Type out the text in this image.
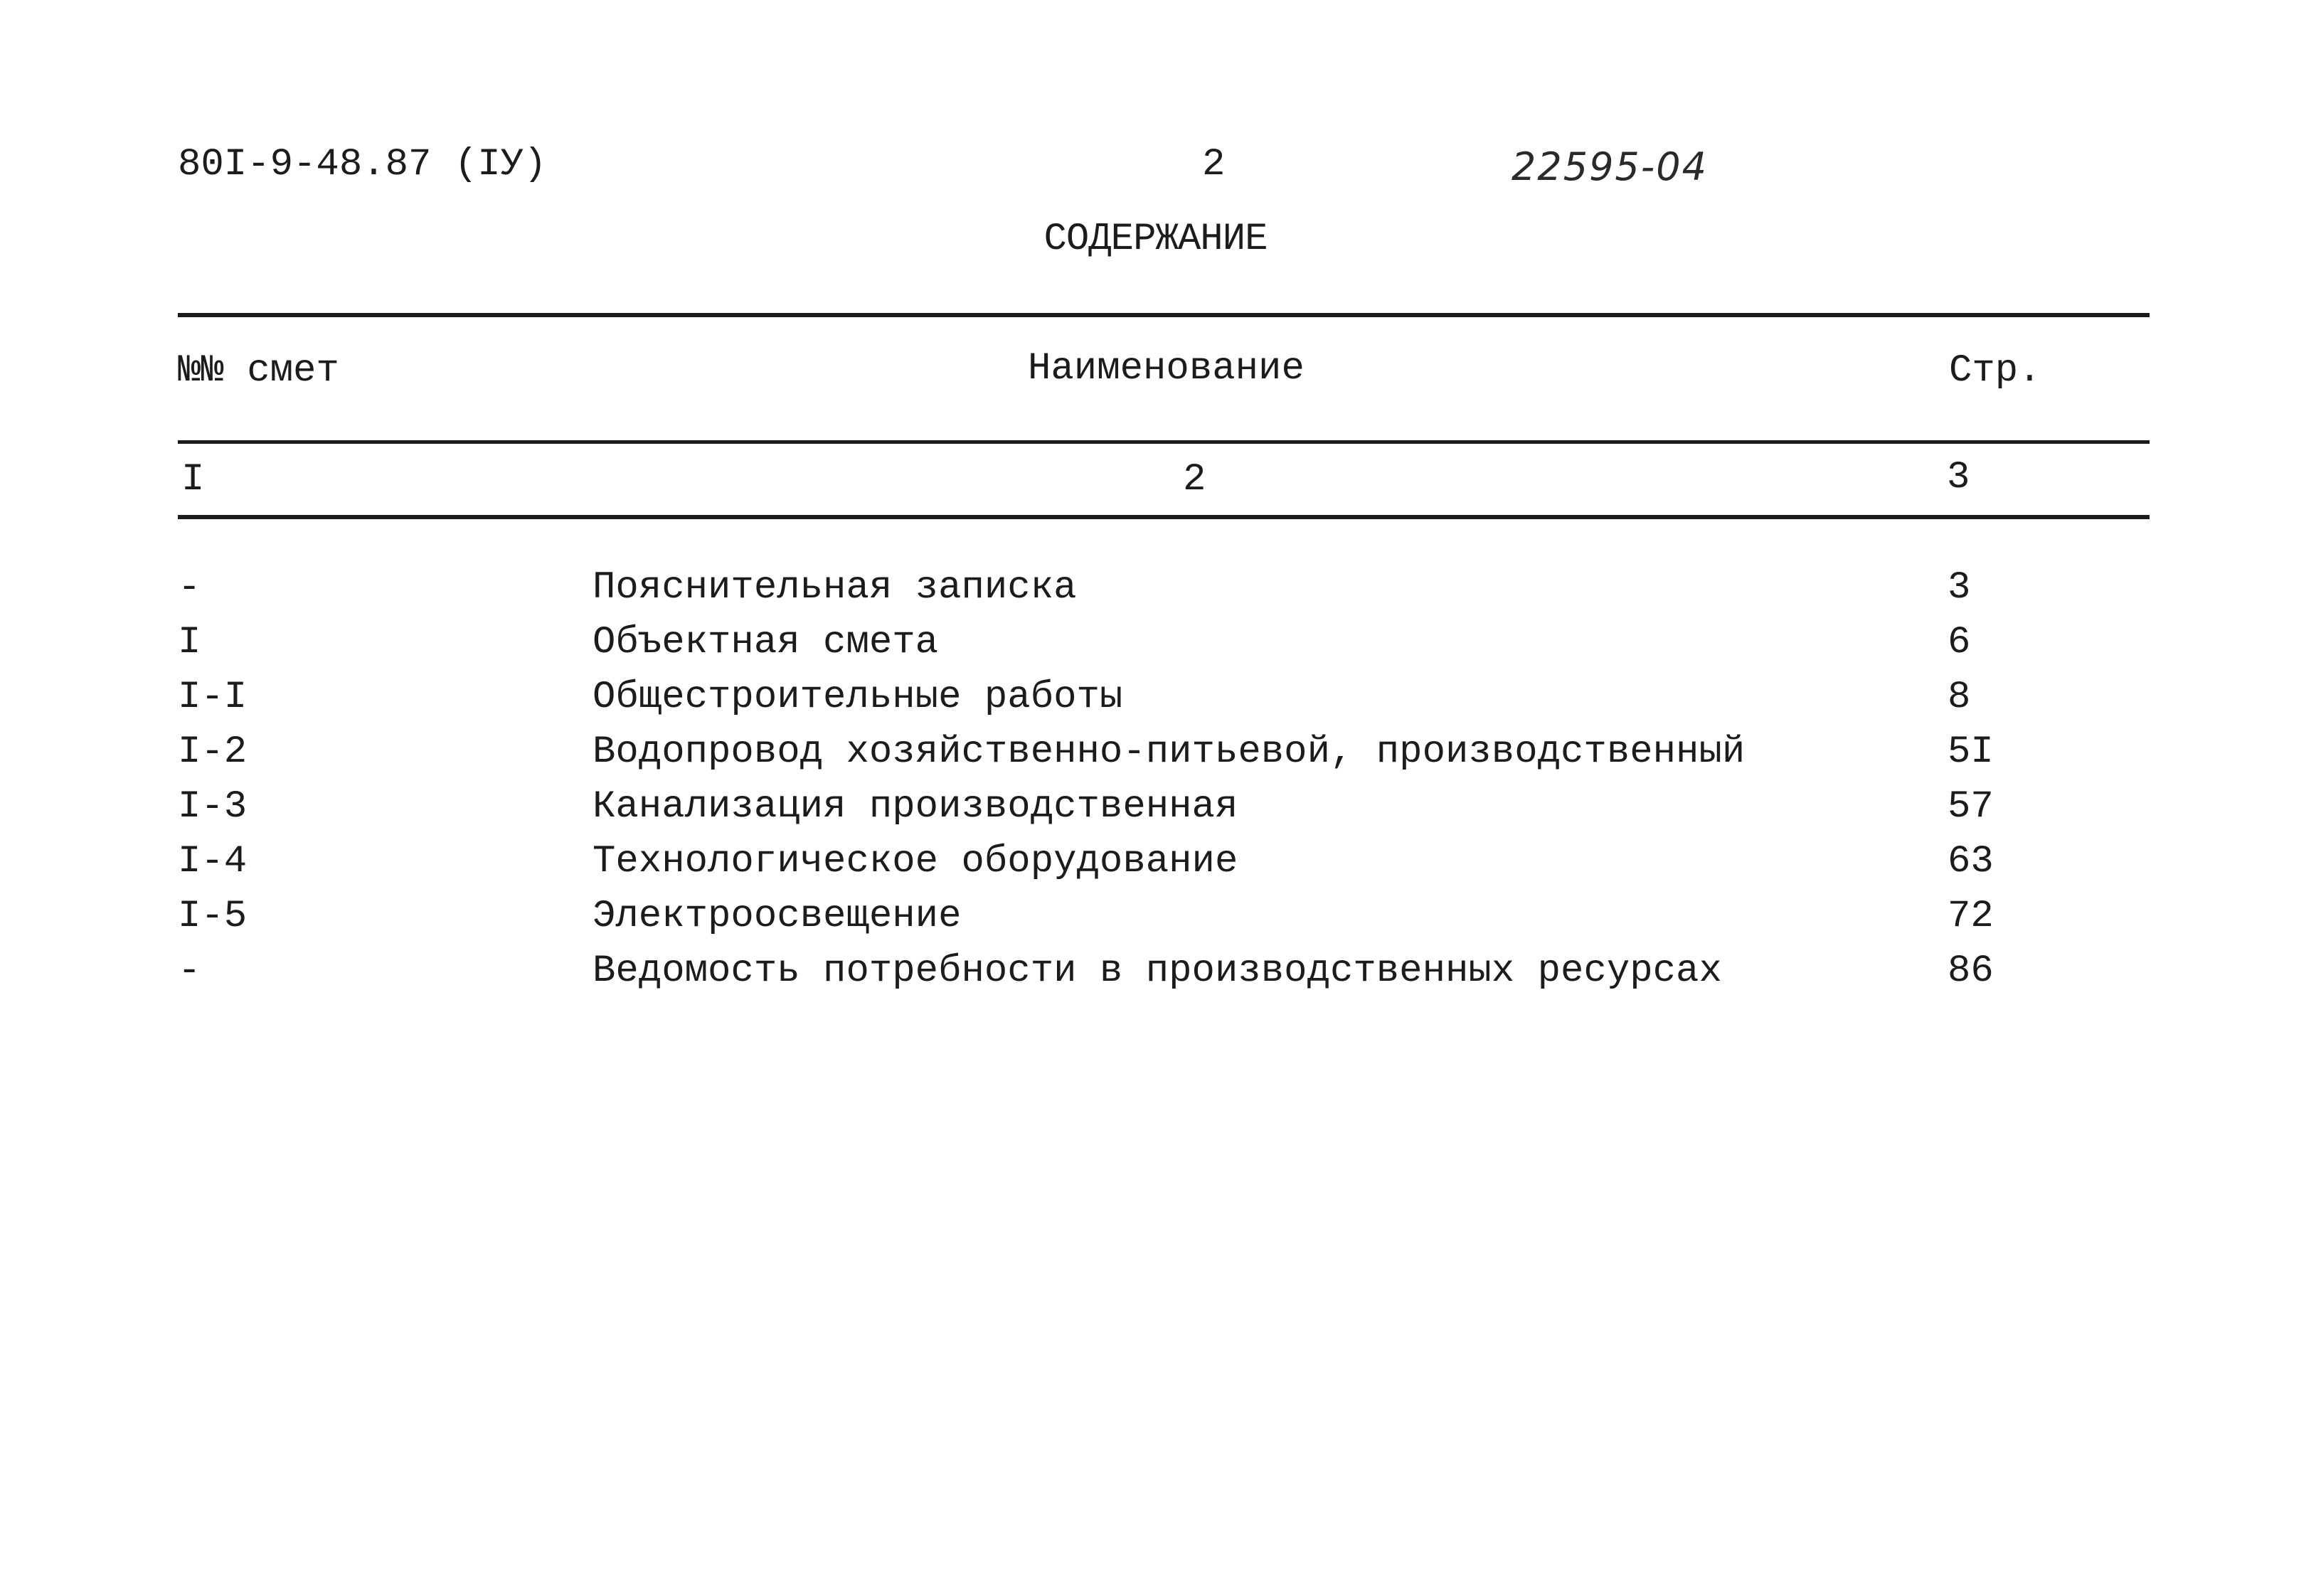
80I-9-48.87 (IУ)	2	22595-04
СОДЕРЖАНИЕ
№№ смет	Наименование	Стр.
I	2	3
-	Пояснительная записка	3
I	Объектная смета	6
I-I	Общестроительные работы	8
I-2	Водопровод хозяйственно-питьевой, производственный	5I
I-3	Канализация производственная	57
I-4	Технологическое оборудование	63
I-5	Электроосвещение	72
-	Ведомость потребности в производственных ресурсах	86
